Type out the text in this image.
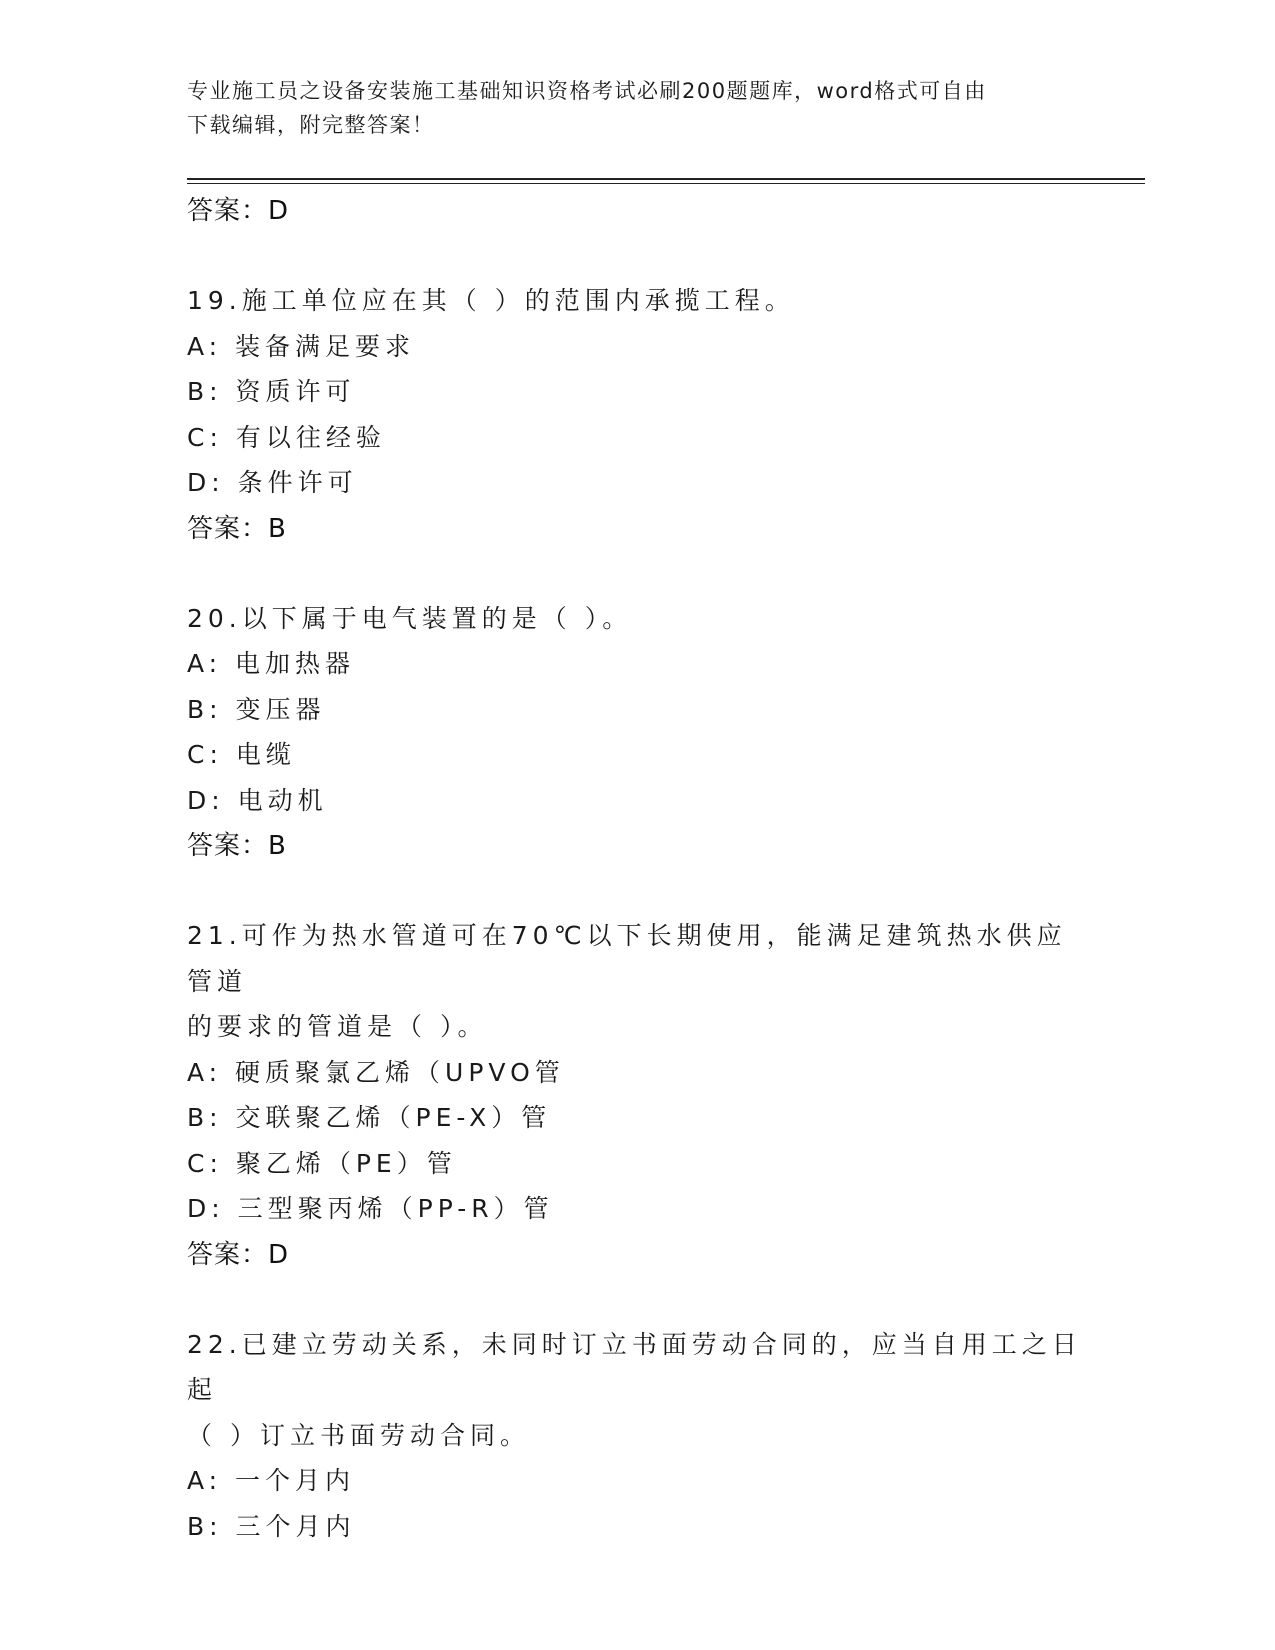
专业施工员之设备安装施工基础知识资格考试必刷200题题库，word格式可自由
下载编辑，附完整答案！
答案：D
19.施工单位应在其（ ）的范围内承揽工程。
A: 装备满足要求
B: 资质许可
C: 有以往经验
D: 条件许可
答案：B
20.以下属于电气装置的是（ ）。
A: 电加热器
B: 变压器
C: 电缆
D: 电动机
答案：B
21.可作为热水管道可在70℃以下长期使用，能满足建筑热水供应管道
的要求的管道是（ ）。
A: 硬质聚氯乙烯（UPVO管
B: 交联聚乙烯（PE-X）管
C: 聚乙烯（PE）管
D: 三型聚丙烯（PP-R）管
答案：D
22.已建立劳动关系，未同时订立书面劳动合同的，应当自用工之日起
（ ）订立书面劳动合同。
A: 一个月内
B: 三个月内
